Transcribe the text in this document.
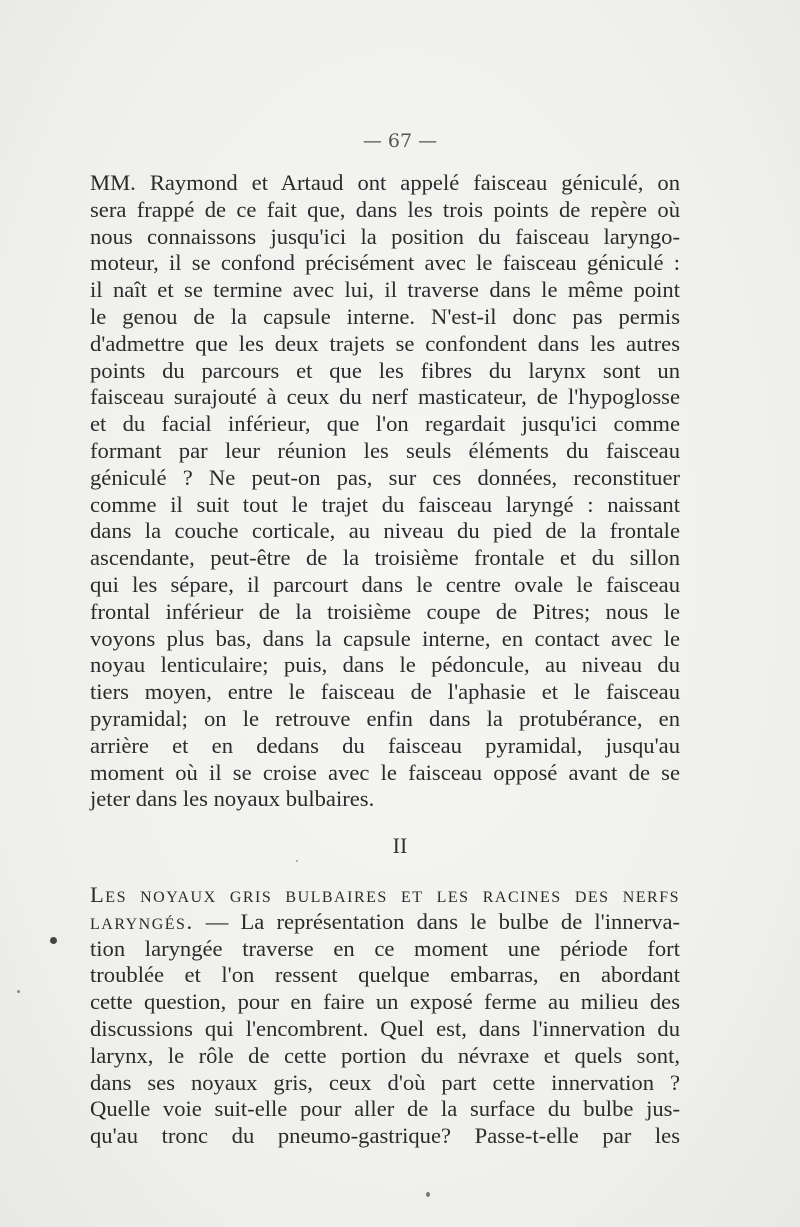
— 67 —
MM. Raymond et Artaud ont appelé faisceau géniculé, on
sera frappé de ce fait que, dans les trois points de repère où
nous connaissons jusqu'ici la position du faisceau laryngo-
moteur, il se confond précisément avec le faisceau géniculé :
il naît et se termine avec lui, il traverse dans le même point
le genou de la capsule interne. N'est-il donc pas permis
d'admettre que les deux trajets se confondent dans les autres
points du parcours et que les fibres du larynx sont un
faisceau surajouté à ceux du nerf masticateur, de l'hypoglosse
et du facial inférieur, que l'on regardait jusqu'ici comme
formant par leur réunion les seuls éléments du faisceau
géniculé ? Ne peut-on pas, sur ces données, reconstituer
comme il suit tout le trajet du faisceau laryngé : naissant
dans la couche corticale, au niveau du pied de la frontale
ascendante, peut-être de la troisième frontale et du sillon
qui les sépare, il parcourt dans le centre ovale le faisceau
frontal inférieur de la troisième coupe de Pitres; nous le
voyons plus bas, dans la capsule interne, en contact avec le
noyau lenticulaire; puis, dans le pédoncule, au niveau du
tiers moyen, entre le faisceau de l'aphasie et le faisceau
pyramidal; on le retrouve enfin dans la protubérance, en
arrière et en dedans du faisceau pyramidal, jusqu'au
moment où il se croise avec le faisceau opposé avant de se
jeter dans les noyaux bulbaires.
II
Les noyaux gris bulbaires et les racines des nerfs
laryngés. — La représentation dans le bulbe de l'innerva-
tion laryngée traverse en ce moment une période fort
troublée et l'on ressent quelque embarras, en abordant
cette question, pour en faire un exposé ferme au milieu des
discussions qui l'encombrent. Quel est, dans l'innervation du
larynx, le rôle de cette portion du névraxe et quels sont,
dans ses noyaux gris, ceux d'où part cette innervation ?
Quelle voie suit-elle pour aller de la surface du bulbe jus-
qu'au tronc du pneumo-gastrique? Passe-t-elle par les
